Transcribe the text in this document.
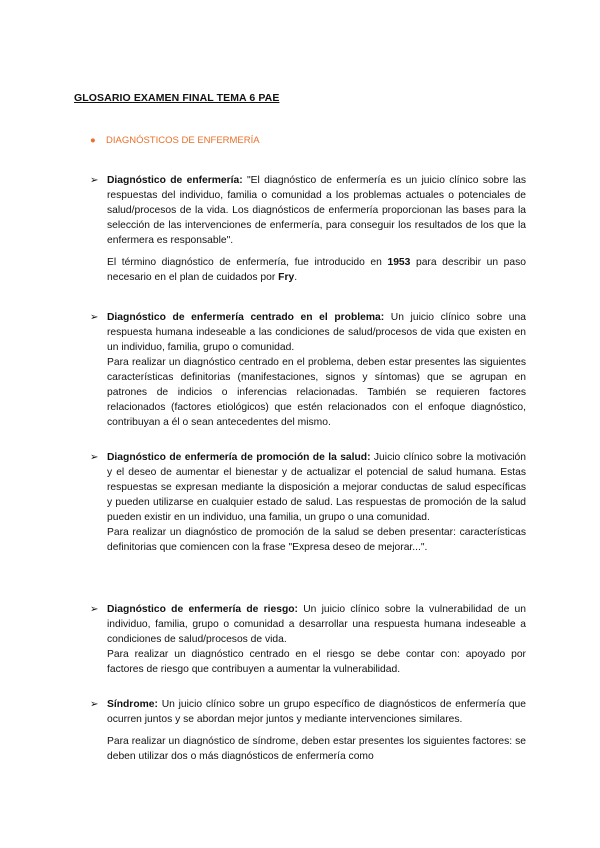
GLOSARIO EXAMEN FINAL TEMA 6 PAE
● DIAGNÓSTICOS DE ENFERMERÍA
➢ Diagnóstico de enfermería: "El diagnóstico de enfermería es un juicio clínico sobre las respuestas del individuo, familia o comunidad a los problemas actuales o potenciales de salud/procesos de la vida. Los diagnósticos de enfermería proporcionan las bases para la selección de las intervenciones de enfermería, para conseguir los resultados de los que la enfermera es responsable".

El término diagnóstico de enfermería, fue introducido en 1953 para describir un paso necesario en el plan de cuidados por Fry.

➢ Diagnóstico de enfermería centrado en el problema: Un juicio clínico sobre una respuesta humana indeseable a las condiciones de salud/procesos de vida que existen en un individuo, familia, grupo o comunidad.

Para realizar un diagnóstico centrado en el problema, deben estar presentes las siguientes características definitorias (manifestaciones, signos y síntomas) que se agrupan en patrones de indicios o inferencias relacionadas. También se requieren factores relacionados (factores etiológicos) que estén relacionados con el enfoque diagnóstico, contribuyan a él o sean antecedentes del mismo.

➢ Diagnóstico de enfermería de promoción de la salud: Juicio clínico sobre la motivación y el deseo de aumentar el bienestar y de actualizar el potencial de salud humana. Estas respuestas se expresan mediante la disposición a mejorar conductas de salud específicas y pueden utilizarse en cualquier estado de salud. Las respuestas de promoción de la salud pueden existir en un individuo, una familia, un grupo o una comunidad.

Para realizar un diagnóstico de promoción de la salud se deben presentar: características definitorias que comiencen con la frase "Expresa deseo de mejorar...".

➢ Diagnóstico de enfermería de riesgo: Un juicio clínico sobre la vulnerabilidad de un individuo, familia, grupo o comunidad a desarrollar una respuesta humana indeseable a condiciones de salud/procesos de vida.

Para realizar un diagnóstico centrado en el riesgo se debe contar con: apoyado por factores de riesgo que contribuyen a aumentar la vulnerabilidad.

➢ Síndrome: Un juicio clínico sobre un grupo específico de diagnósticos de enfermería que ocurren juntos y se abordan mejor juntos y mediante intervenciones similares.

Para realizar un diagnóstico de síndrome, deben estar presentes los siguientes factores: se deben utilizar dos o más diagnósticos de enfermería como
